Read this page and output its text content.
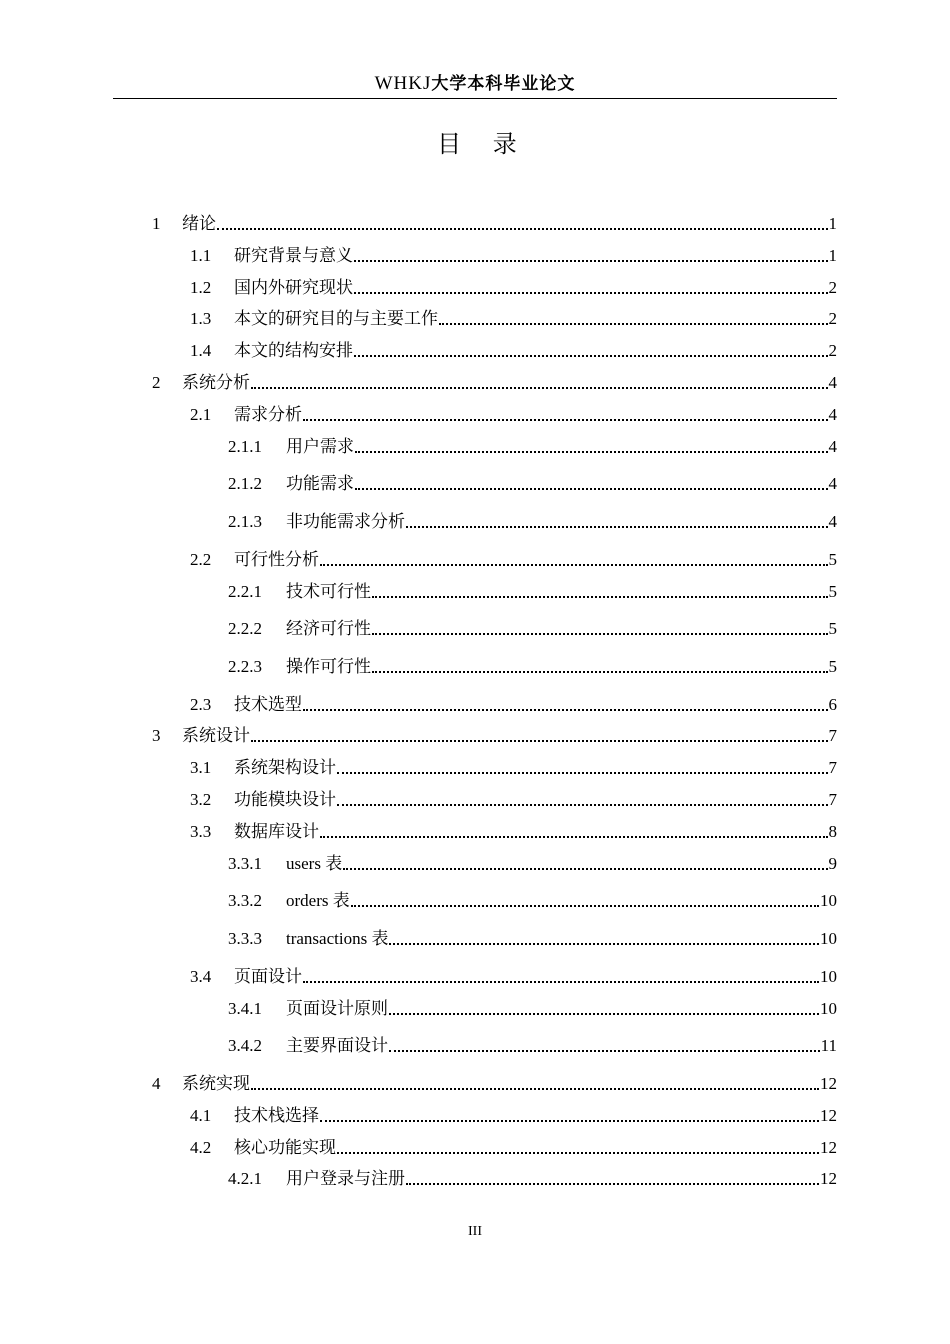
WHKJ大学本科毕业论文
目 录
1	绪论	1
1.1	研究背景与意义	1
1.2	国内外研究现状	2
1.3	本文的研究目的与主要工作	2
1.4	本文的结构安排	2
2	系统分析	4
2.1	需求分析	4
2.1.1	用户需求	4
2.1.2	功能需求	4
2.1.3	非功能需求分析	4
2.2	可行性分析	5
2.2.1	技术可行性	5
2.2.2	经济可行性	5
2.2.3	操作可行性	5
2.3	技术选型	6
3	系统设计	7
3.1	系统架构设计	7
3.2	功能模块设计	7
3.3	数据库设计	8
3.3.1	users 表	9
3.3.2	orders 表	10
3.3.3	transactions 表	10
3.4	页面设计	10
3.4.1	页面设计原则	10
3.4.2	主要界面设计	11
4	系统实现	12
4.1	技术栈选择	12
4.2	核心功能实现	12
4.2.1	用户登录与注册	12
III
